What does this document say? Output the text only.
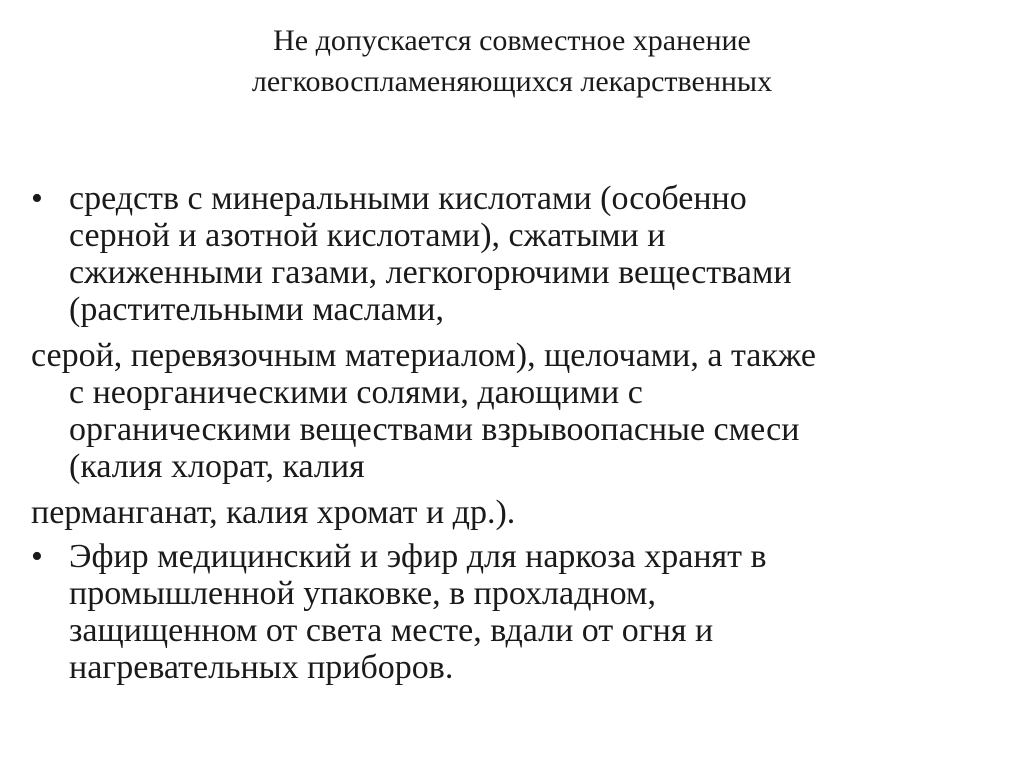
Не допускается совместное хранение
легковоспламеняющихся лекарственных
• средств с минеральными кислотами (особенно
серной и азотной кислотами), сжатыми и
сжиженными газами, легкогорючими веществами
(растительными маслами,
серой, перевязочным материалом), щелочами, а также
с неорганическими солями, дающими с
органическими веществами взрывоопасные смеси
(калия хлорат, калия
перманганат, калия хромат и др.).
• Эфир медицинский и эфир для наркоза хранят в
промышленной упаковке, в прохладном,
защищенном от света месте, вдали от огня и
нагревательных приборов.
